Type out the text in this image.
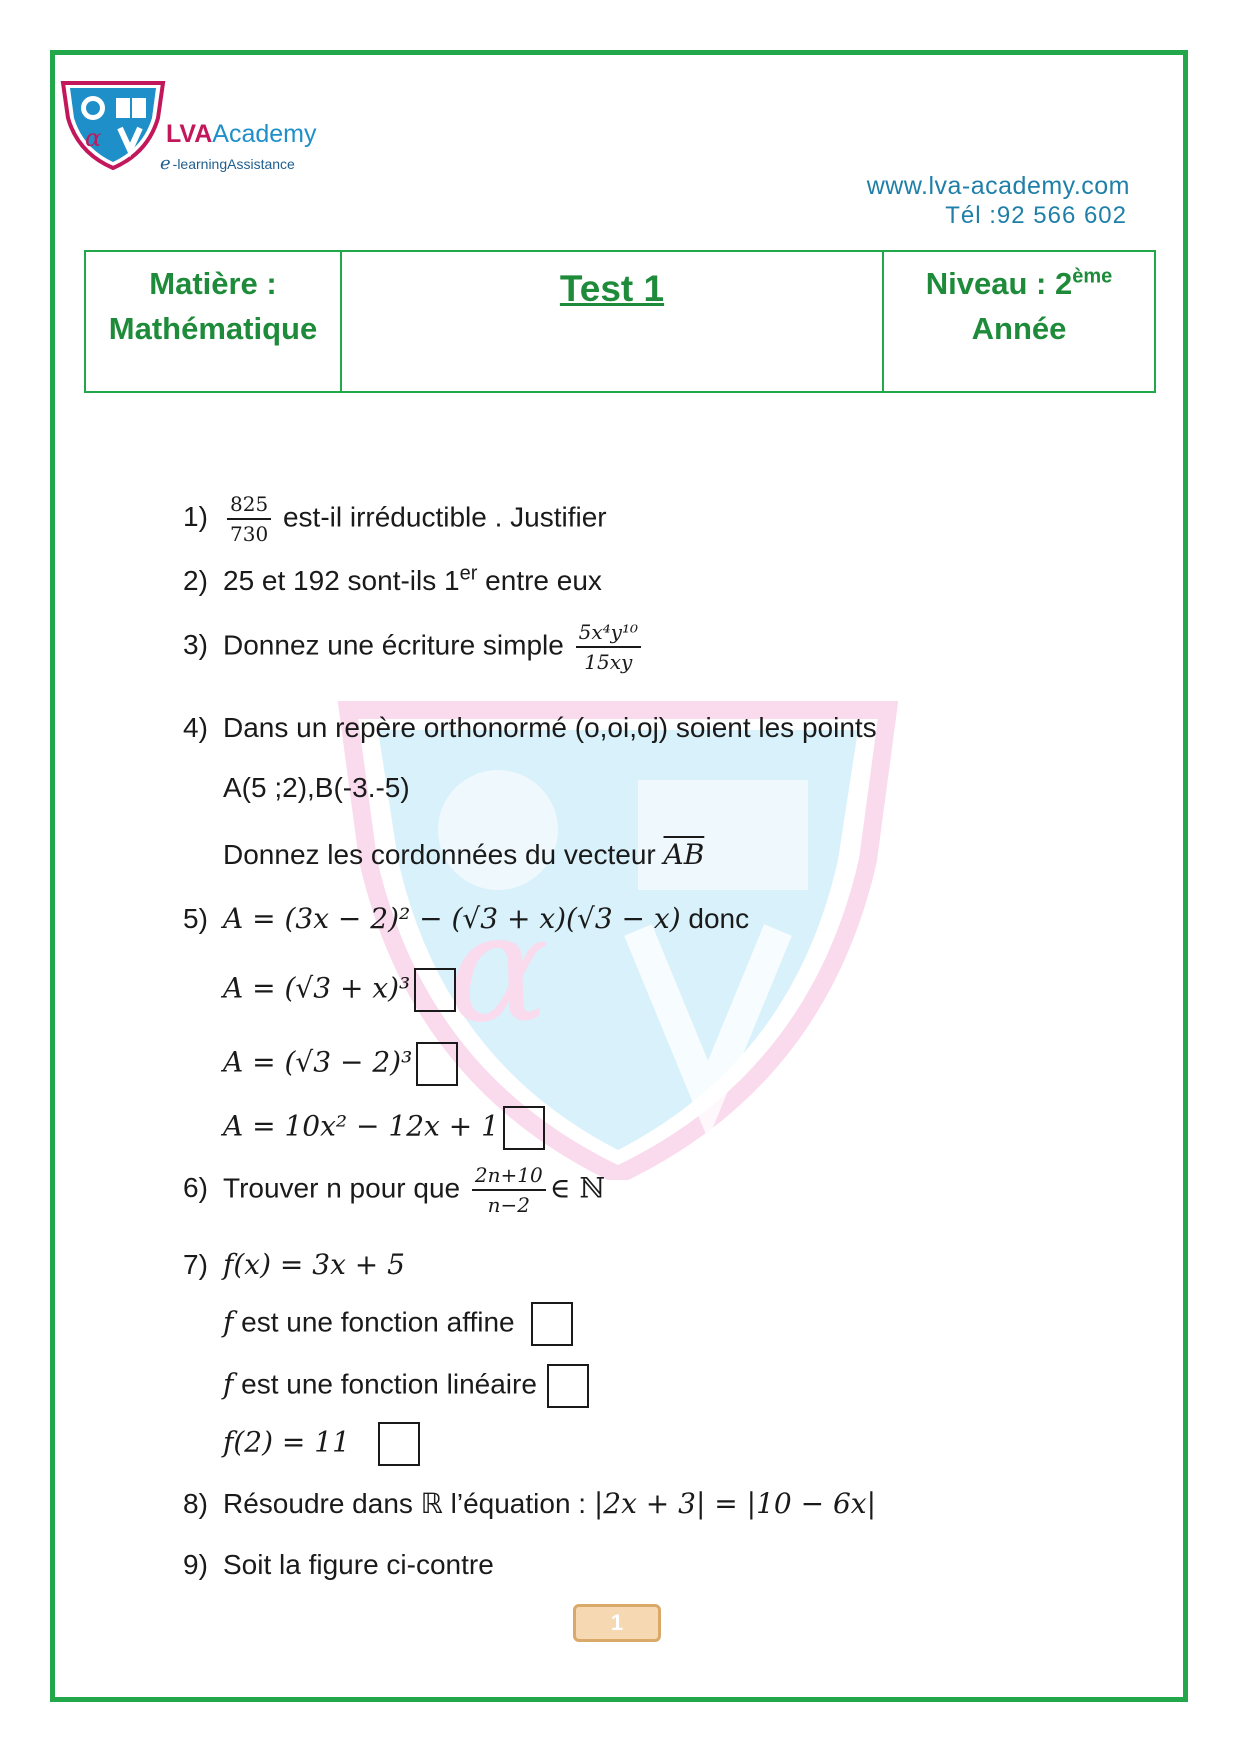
α	LVAAcademy
e -learningAssistance
www.lva-academy.com
Tél :92 566 602
Matière :
Mathématique
	Test 1	Niveau : 2ème
Année
α
$1) \frac{825}{730} est-il$ irréductible . Justifier
2) 25 et 192 sont-ils 1er entre eux
3) Donnez une écriture simple $\frac{\text{5x⁴y¹⁰}}{15xy}$
4) Dans un repère orthonormé (o,oi,oj) soient les points
A(5 ;2),B(-3.-5)
Donnez les cordonnées du vecteur $\overline{AB}$
5) A = (3x − 2)² − (√3 + x)(√3 − x) donc
A = (√3 + x)³
A = (√3 − 2)³
A = 10x² − 12x + 1
6) Trouver n pour que $\frac{2n+10}{n-2}$ ∈ ℕ
7) f(x) = 3x + 5
f est une fonction affine
f est une fonction linéaire
f(2) = 11
8) Résoudre dans ℝ l’équation : |2x + 3| = |10 − 6x|
9) Soit la figure ci-contre
1
